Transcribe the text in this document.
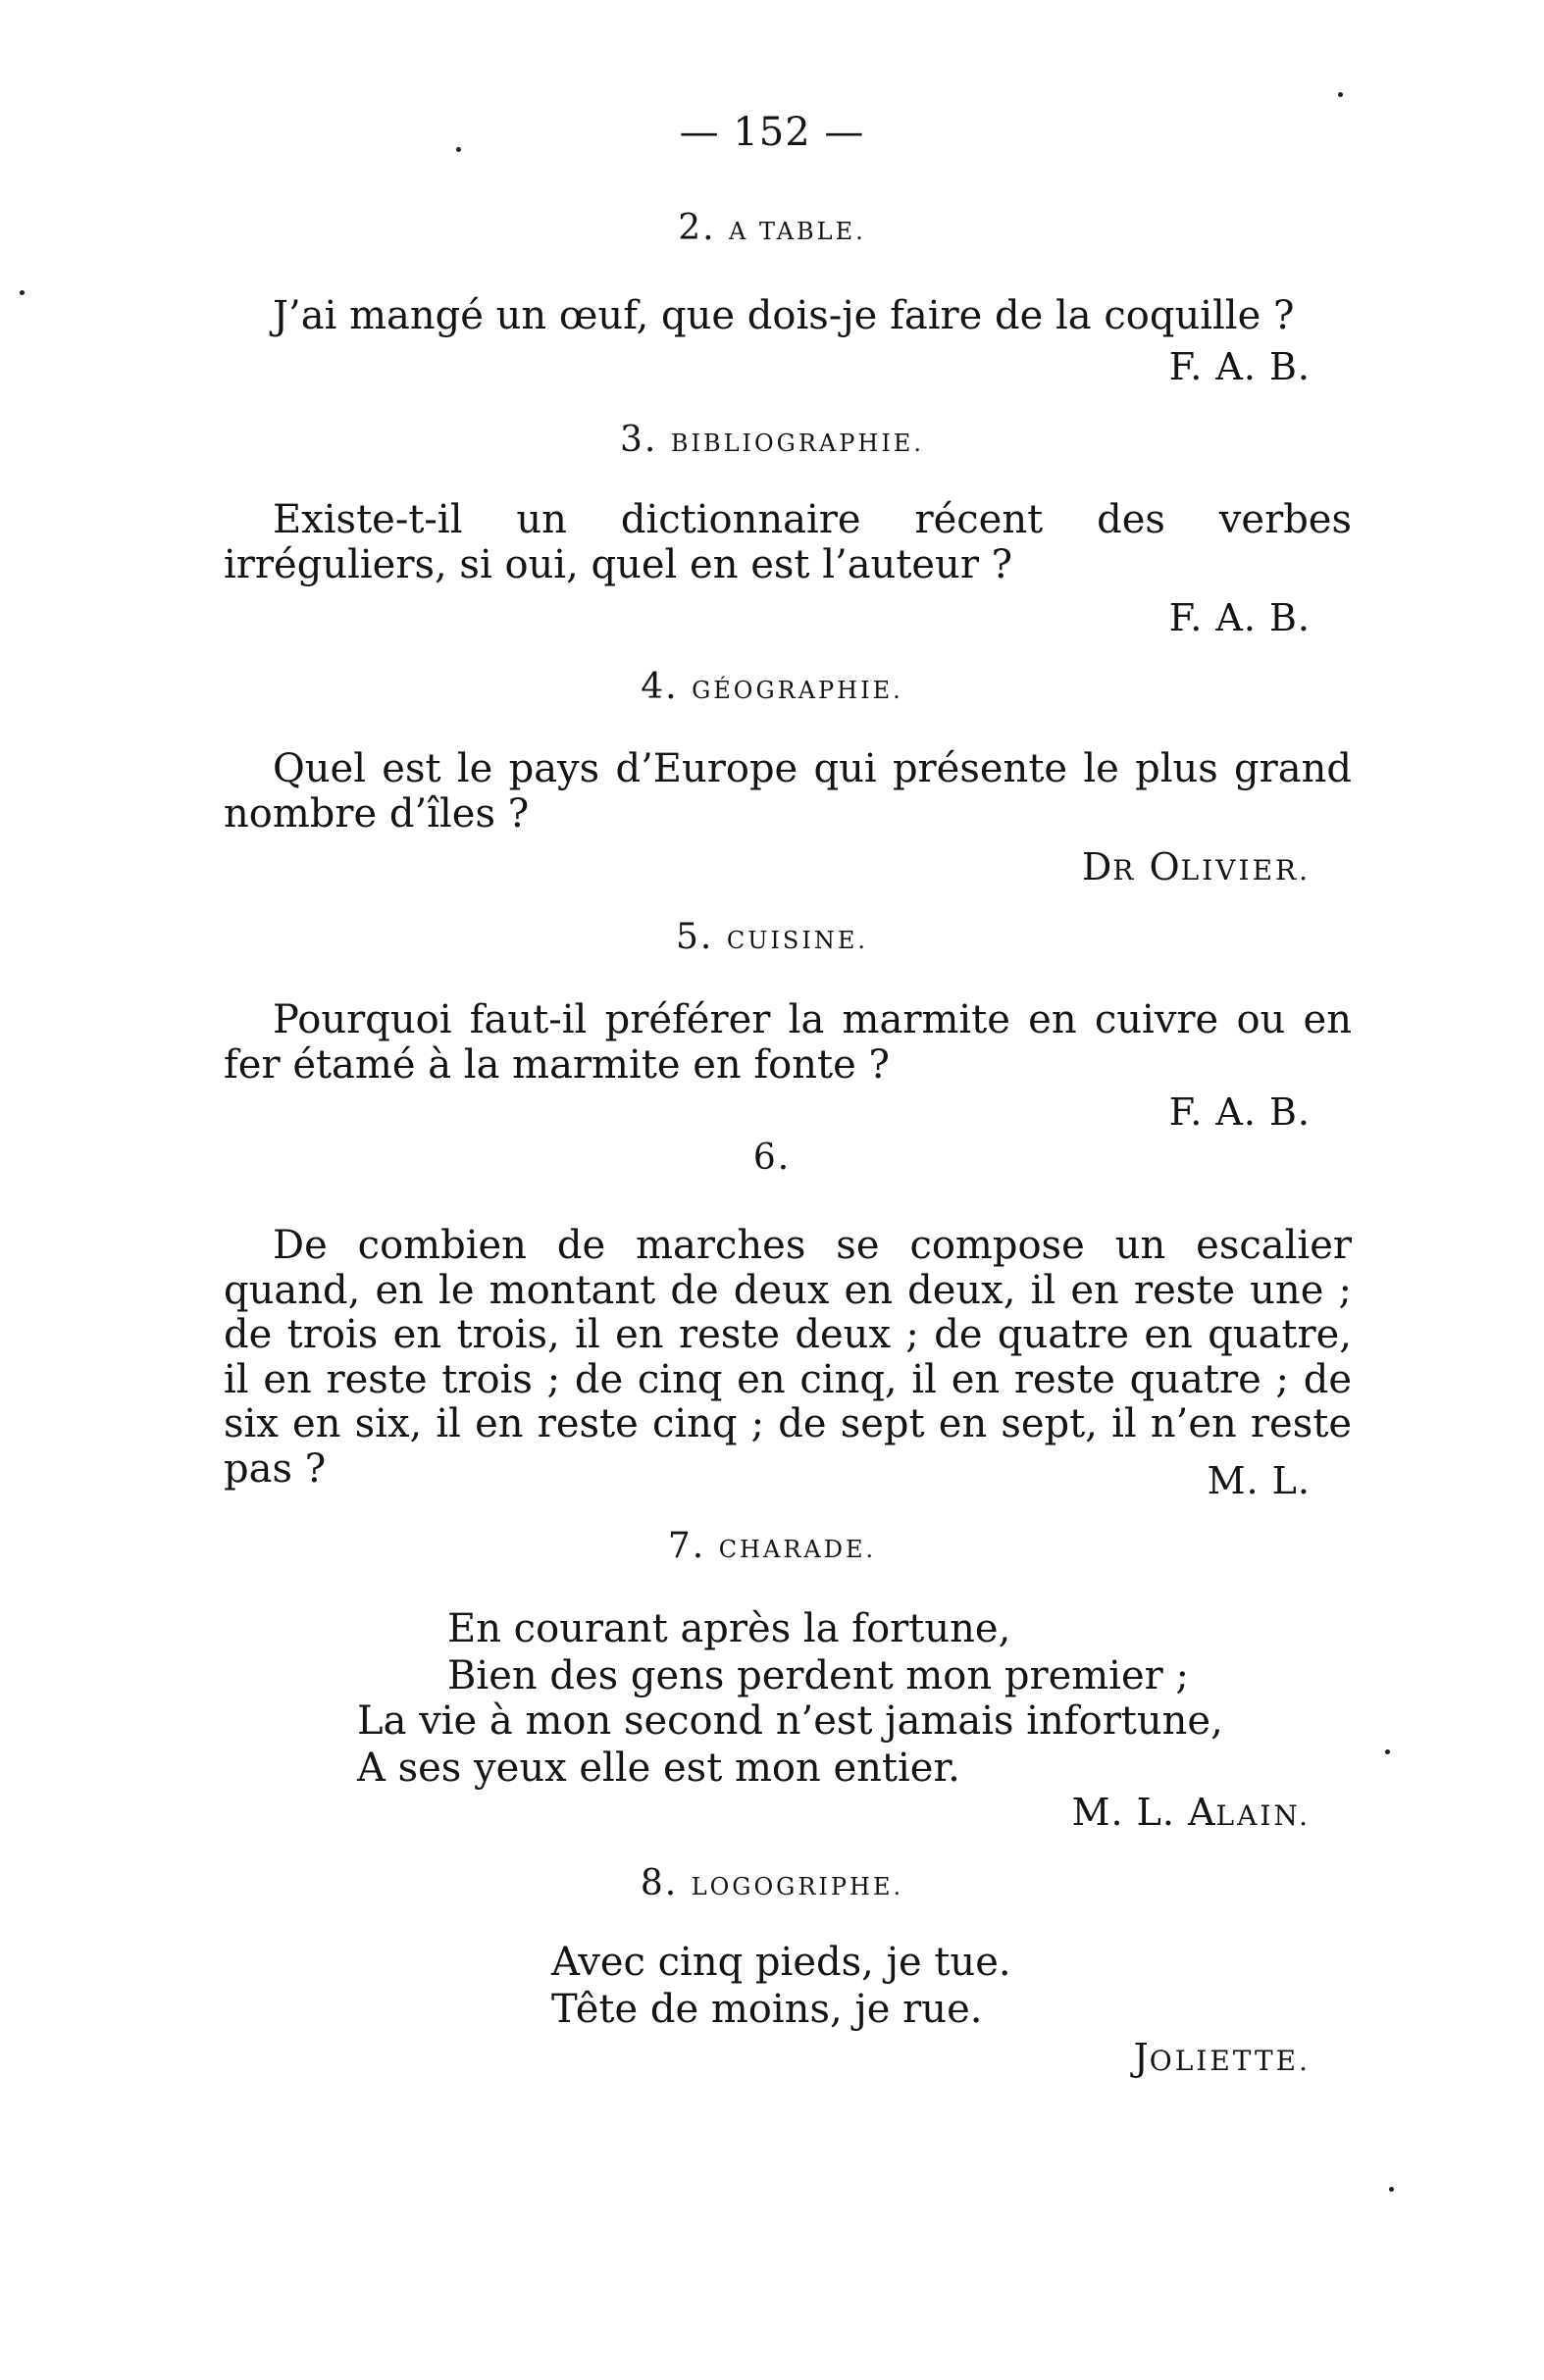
— 152 —
2. A TABLE.
J’ai mangé un œuf, que dois-je faire de la coquille ?
F. A. B.
3. BIBLIOGRAPHIE.
Existe-t-il un dictionnaire récent des verbes irréguliers, si oui, quel en est l’auteur ?
F. A. B.
4. GÉOGRAPHIE.
Quel est le pays d’Europe qui présente le plus grand nombre d’îles ?
DR OLIVIER.
5. CUISINE.
Pourquoi faut-il préférer la marmite en cuivre ou en fer étamé à la marmite en fonte ?
F. A. B.
6.
De combien de marches se compose un escalier quand, en le montant de deux en deux, il en reste une ; de trois en trois, il en reste deux ; de quatre en quatre, il en reste trois ; de cinq en cinq, il en reste quatre ; de six en six, il en reste cinq ; de sept en sept, il n’en reste pas ?	M. L.
7. CHARADE.
En courant après la fortune,
Bien des gens perdent mon premier ;
La vie à mon second n’est jamais infortune,
A ses yeux elle est mon entier.
M. L. ALAIN.
8. LOGOGRIPHE.
Avec cinq pieds, je tue.
Tête de moins, je rue.
JOLIETTE.
